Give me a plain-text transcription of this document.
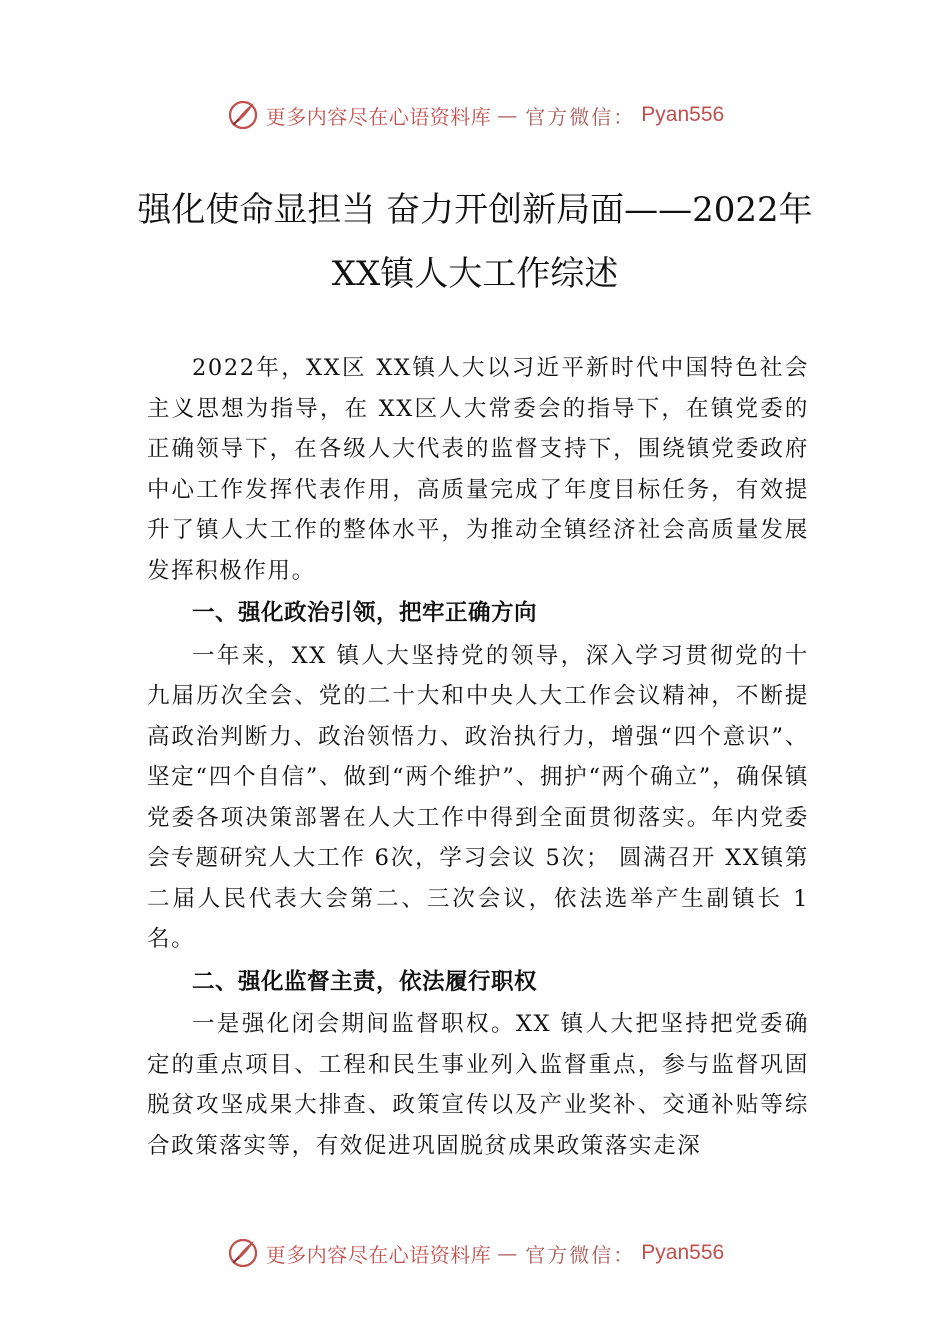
更多内容尽在心语资料库 — 官方微信： Pyan556
强化使命显担当 奋力开创新局面——2022年 XX镇人大工作综述

2022年，XX区 XX镇人大以习近平新时代中国特色社会主义思想为指导，在 XX区人大常委会的指导下，在镇党委的正确领导下，在各级人大代表的监督支持下，围绕镇党委政府中心工作发挥代表作用，高质量完成了年度目标任务，有效提升了镇人大工作的整体水平，为推动全镇经济社会高质量发展发挥积极作用。

一、强化政治引领，把牢正确方向

一年来，XX 镇人大坚持党的领导，深入学习贯彻党的十九届历次全会、党的二十大和中央人大工作会议精神，不断提高政治判断力、政治领悟力、政治执行力，增强“四个意识”、坚定“四个自信”、做到“两个维护”、拥护“两个确立”，确保镇党委各项决策部署在人大工作中得到全面贯彻落实。年内党委会专题研究人大工作 6次，学习会议 5次； 圆满召开 XX镇第二届人民代表大会第二、三次会议，依法选举产生副镇长 1名。

二、强化监督主责，依法履行职权

一是强化闭会期间监督职权。XX 镇人大把坚持把党委确定的重点项目、工程和民生事业列入监督重点，参与监督巩固脱贫攻坚成果大排查、政策宣传以及产业奖补、交通补贴等综合政策落实等，有效促进巩固脱贫成果政策落实走深

更多内容尽在心语资料库 — 官方微信： Pyan556
